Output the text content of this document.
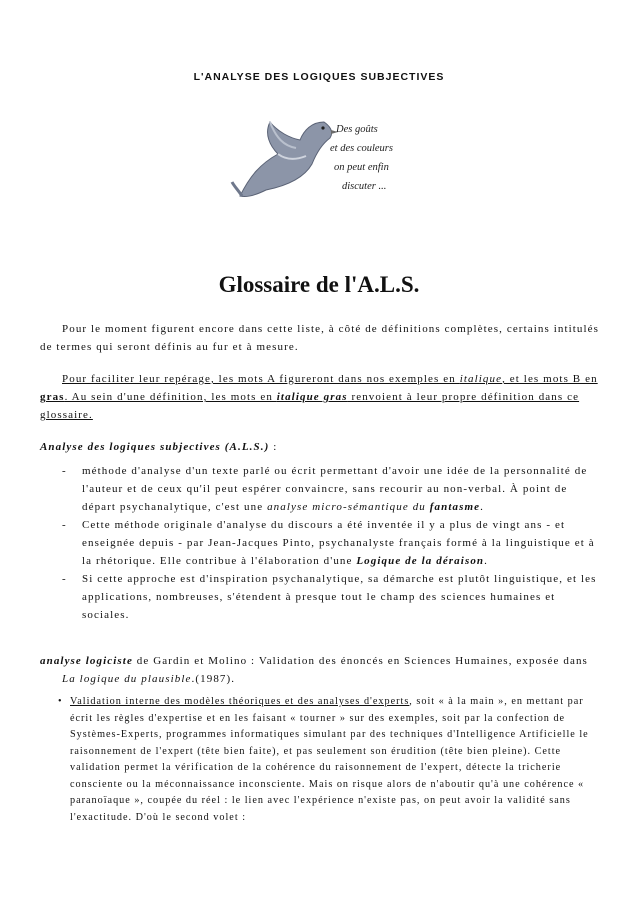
L'ANALYSE DES LOGIQUES SUBJECTIVES
Des goûts
et des couleurs
on peut enfin
discuter ...
Glossaire de l'A.L.S.

Pour le moment figurent encore dans cette liste, à côté de définitions complètes, certains intitulés de termes qui seront définis au fur et à mesure.

Pour faciliter leur repérage, les mots A figureront dans nos exemples en italique, et les mots B en gras. Au sein d'une définition, les mots en italique gras renvoient à leur propre définition dans ce glossaire.

Analyse des logiques subjectives (A.L.S.) :

- méthode d'analyse d'un texte parlé ou écrit permettant d'avoir une idée de la personnalité de l'auteur et de ceux qu'il peut espérer convaincre, sans recourir au non-verbal. À point de départ psychanalytique, c'est une analyse micro-sémantique du fantasme.
- Cette méthode originale d'analyse du discours a été inventée il y a plus de vingt ans - et enseignée depuis - par Jean-Jacques Pinto, psychanalyste français formé à la linguistique et à la rhétorique. Elle contribue à l'élaboration d'une Logique de la déraison.
- Si cette approche est d'inspiration psychanalytique, sa démarche est plutôt linguistique, et les applications, nombreuses, s'étendent à presque tout le champ des sciences humaines et sociales.

analyse logiciste de Gardin et Molino : Validation des énoncés en Sciences Humaines, exposée dans La logique du plausible.(1987).

• Validation interne des modèles théoriques et des analyses d'experts, soit « à la main », en mettant par écrit les règles d'expertise et en les faisant « tourner » sur des exemples, soit par la confection de Systèmes-Experts, programmes informatiques simulant par des techniques d'Intelligence Artificielle le raisonnement de l'expert (tête bien faite), et pas seulement son érudition (tête bien pleine). Cette validation permet la vérification de la cohérence du raisonnement de l'expert, détecte la tricherie consciente ou la méconnaissance inconsciente. Mais on risque alors de n'aboutir qu'à une cohérence « paranoïaque », coupée du réel : le lien avec l'expérience n'existe pas, on peut avoir la validité sans l'exactitude. D'où le second volet :
